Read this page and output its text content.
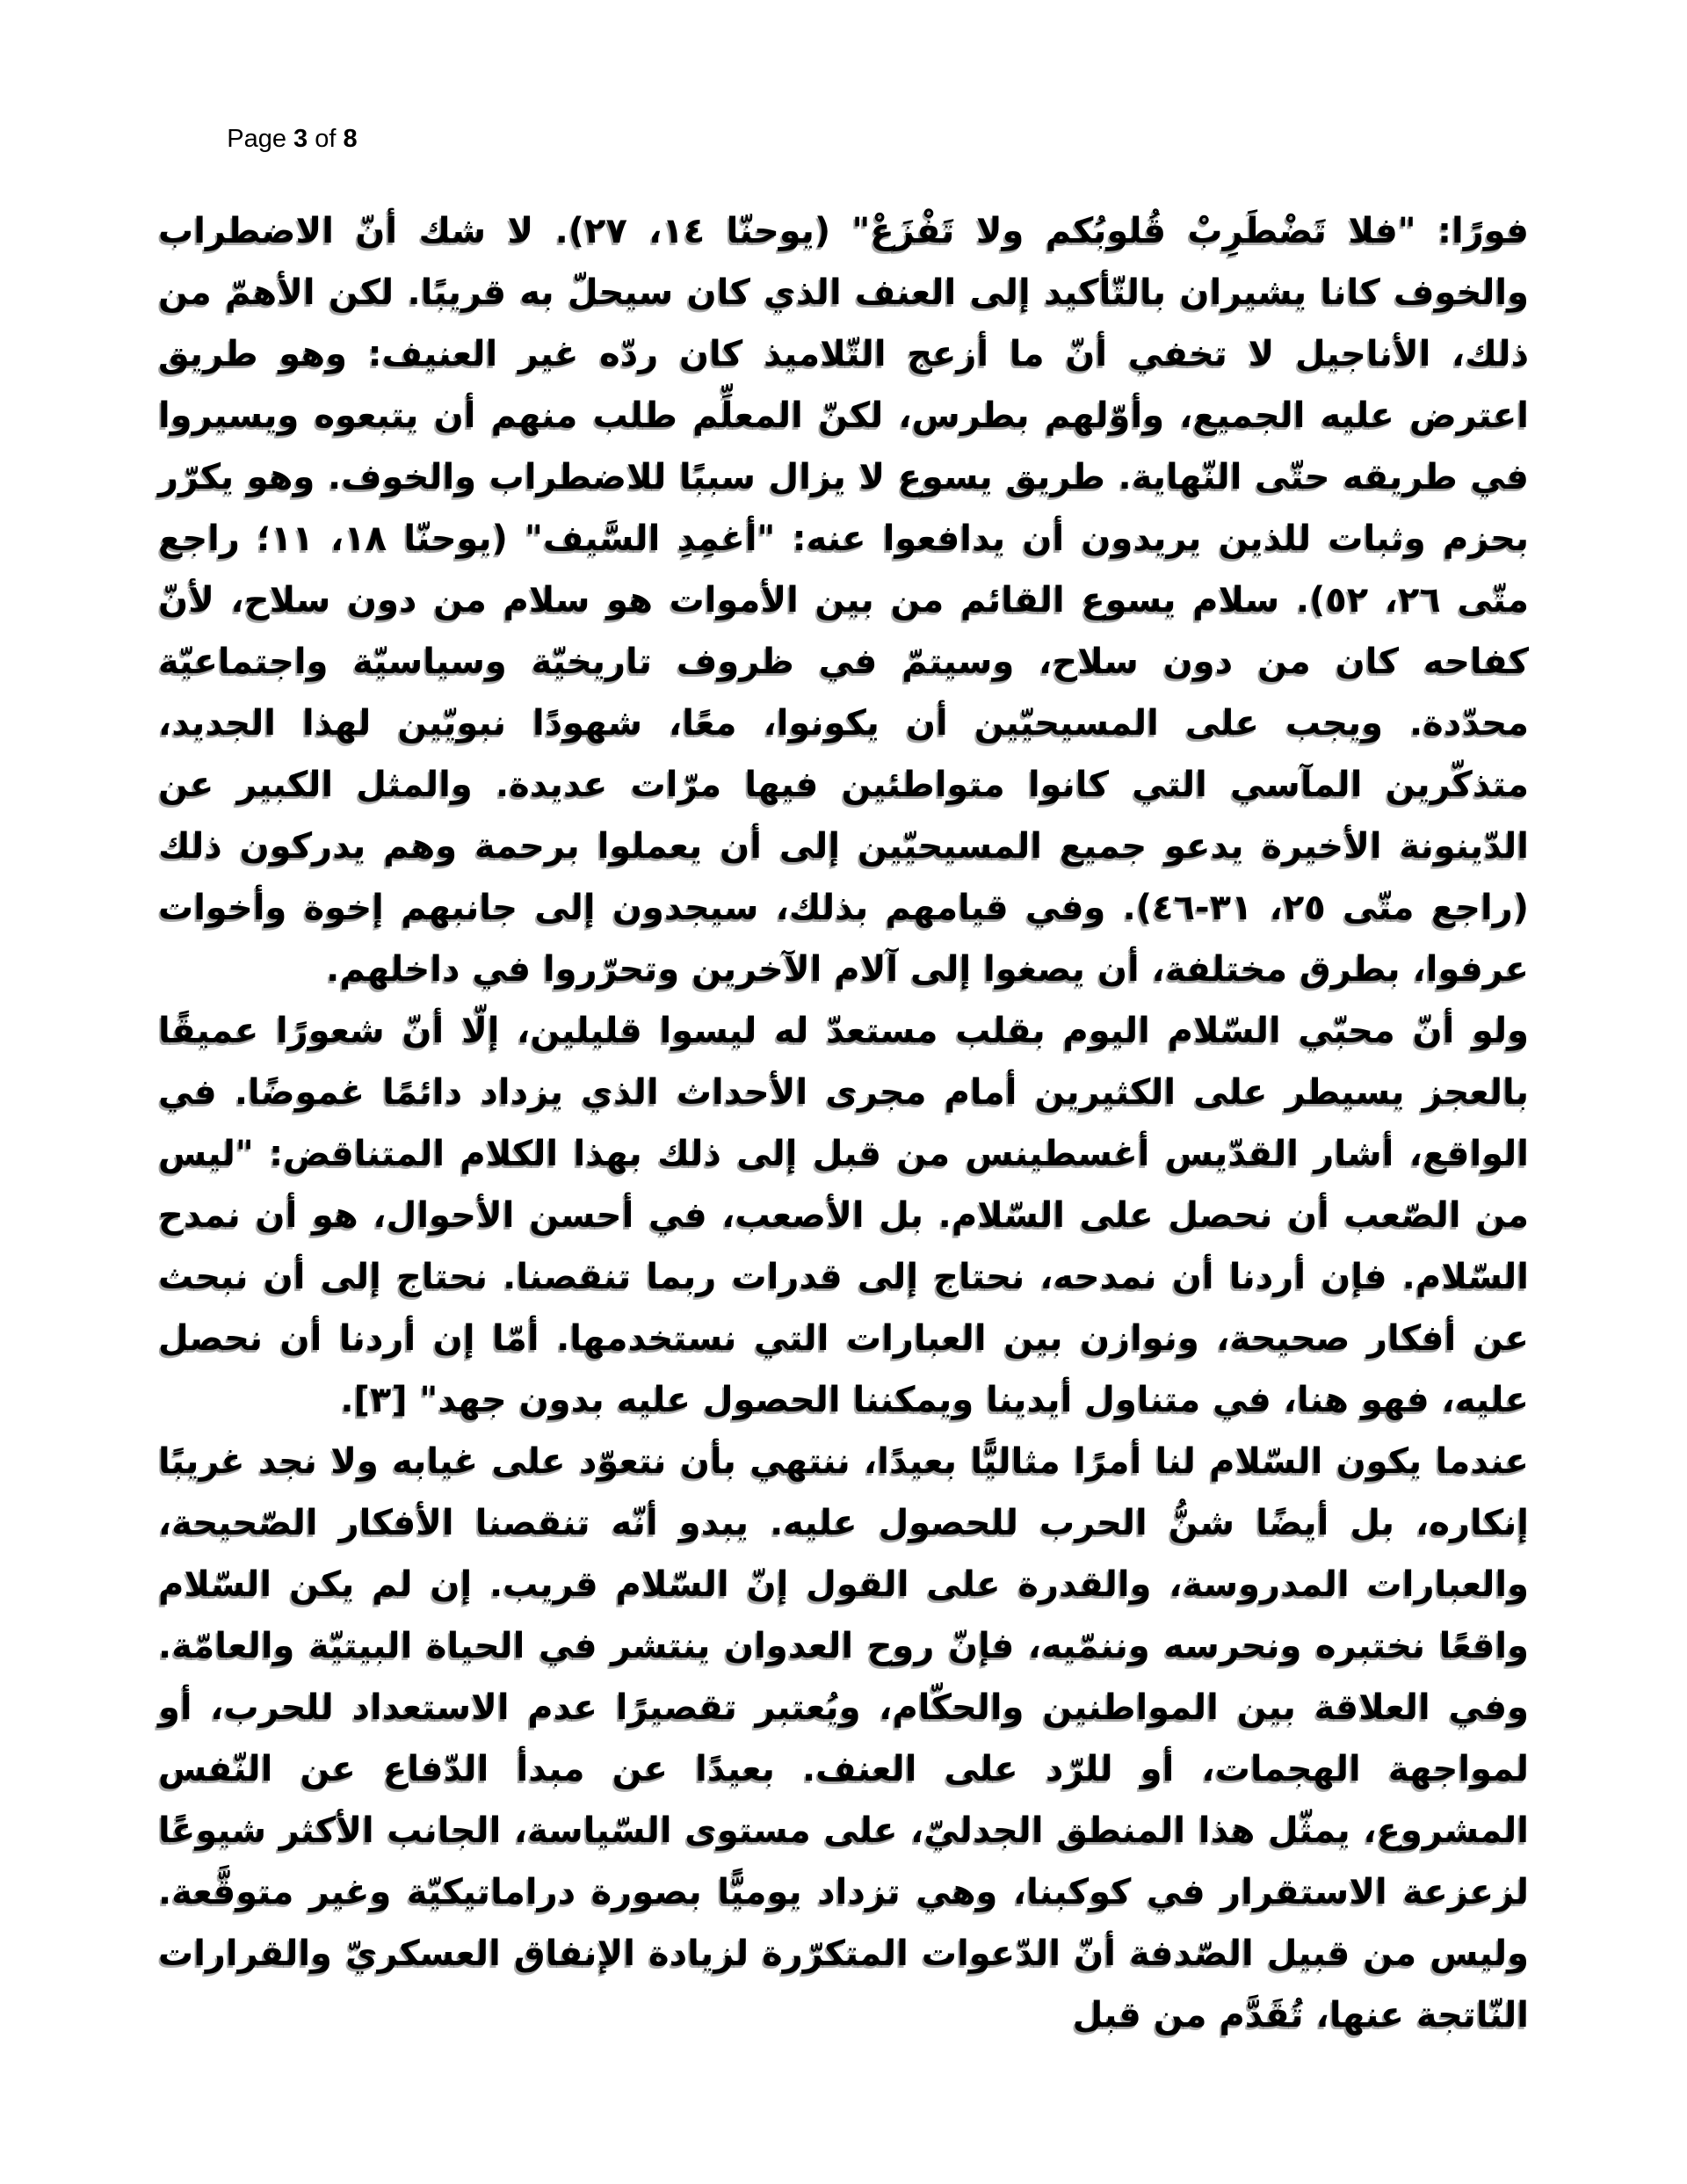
Page 3 of 8

فورًا: "فلا تَضْطَرِبْ قُلوبُكم ولا تَفْزَعْ" (يوحنّا ١٤، ٢٧). لا شك أنّ الاضطراب والخوف كانا يشيران بالتّأكيد إلى العنف الذي كان سيحلّ به قريبًا. لكن الأهمّ من ذلك، الأناجيل لا تخفي أنّ ما أزعج التّلاميذ كان ردّه غير العنيف: وهو طريق اعترض عليه الجميع، وأوّلهم بطرس، لكنّ المعلِّم طلب منهم أن يتبعوه ويسيروا في طريقه حتّى النّهاية. طريق يسوع لا يزال سببًا للاضطراب والخوف. وهو يكرّر بحزم وثبات للذين يريدون أن يدافعوا عنه: "أغمِدِ السَّيف" (يوحنّا ١٨، ١١؛ راجع متّى ٢٦، ٥٢). سلام يسوع القائم من بين الأموات هو سلام من دون سلاح، لأنّ كفاحه كان من دون سلاح، وسيتمّ في ظروف تاريخيّة وسياسيّة واجتماعيّة محدّدة. ويجب على المسيحيّين أن يكونوا، معًا، شهودًا نبويّين لهذا الجديد، متذكّرين المآسي التي كانوا متواطئين فيها مرّات عديدة. والمثل الكبير عن الدّينونة الأخيرة يدعو جميع المسيحيّين إلى أن يعملوا برحمة وهم يدركون ذلك (راجع متّى ٢٥، ٣١-٤٦). وفي قيامهم بذلك، سيجدون إلى جانبهم إخوة وأخوات عرفوا، بطرق مختلفة، أن يصغوا إلى آلام الآخرين وتحرّروا في داخلهم.

ولو أنّ محبّي السّلام اليوم بقلب مستعدّ له ليسوا قليلين، إلّا أنّ شعورًا عميقًا بالعجز يسيطر على الكثيرين أمام مجرى الأحداث الذي يزداد دائمًا غموضًا. في الواقع، أشار القدّيس أغسطينس من قبل إلى ذلك بهذا الكلام المتناقض: "ليس من الصّعب أن نحصل على السّلام. بل الأصعب، في أحسن الأحوال، هو أن نمدح السّلام. فإن أردنا أن نمدحه، نحتاج إلى قدرات ربما تنقصنا. نحتاج إلى أن نبحث عن أفكار صحيحة، ونوازن بين العبارات التي نستخدمها. أمّا إن أردنا أن نحصل عليه، فهو هنا، في متناول أيدينا ويمكننا الحصول عليه بدون جهد" [٣].

عندما يكون السّلام لنا أمرًا مثاليًّا بعيدًا، ننتهي بأن نتعوّد على غيابه ولا نجد غريبًا إنكاره، بل أيضًا شنُّ الحرب للحصول عليه. يبدو أنّه تنقصنا الأفكار الصّحيحة، والعبارات المدروسة، والقدرة على القول إنّ السّلام قريب. إن لم يكن السّلام واقعًا نختبره ونحرسه وننمّيه، فإنّ روح العدوان ينتشر في الحياة البيتيّة والعامّة. وفي العلاقة بين المواطنين والحكّام، ويُعتبر تقصيرًا عدم الاستعداد للحرب، أو لمواجهة الهجمات، أو للرّد على العنف. بعيدًا عن مبدأ الدّفاع عن النّفس المشروع، يمثّل هذا المنطق الجدليّ، على مستوى السّياسة، الجانب الأكثر شيوعًا لزعزعة الاستقرار في كوكبنا، وهي تزداد يوميًّا بصورة دراماتيكيّة وغير متوقَّعة. وليس من قبيل الصّدفة أنّ الدّعوات المتكرّرة لزيادة الإنفاق العسكريّ والقرارات النّاتجة عنها، تُقَدَّم من قبل
